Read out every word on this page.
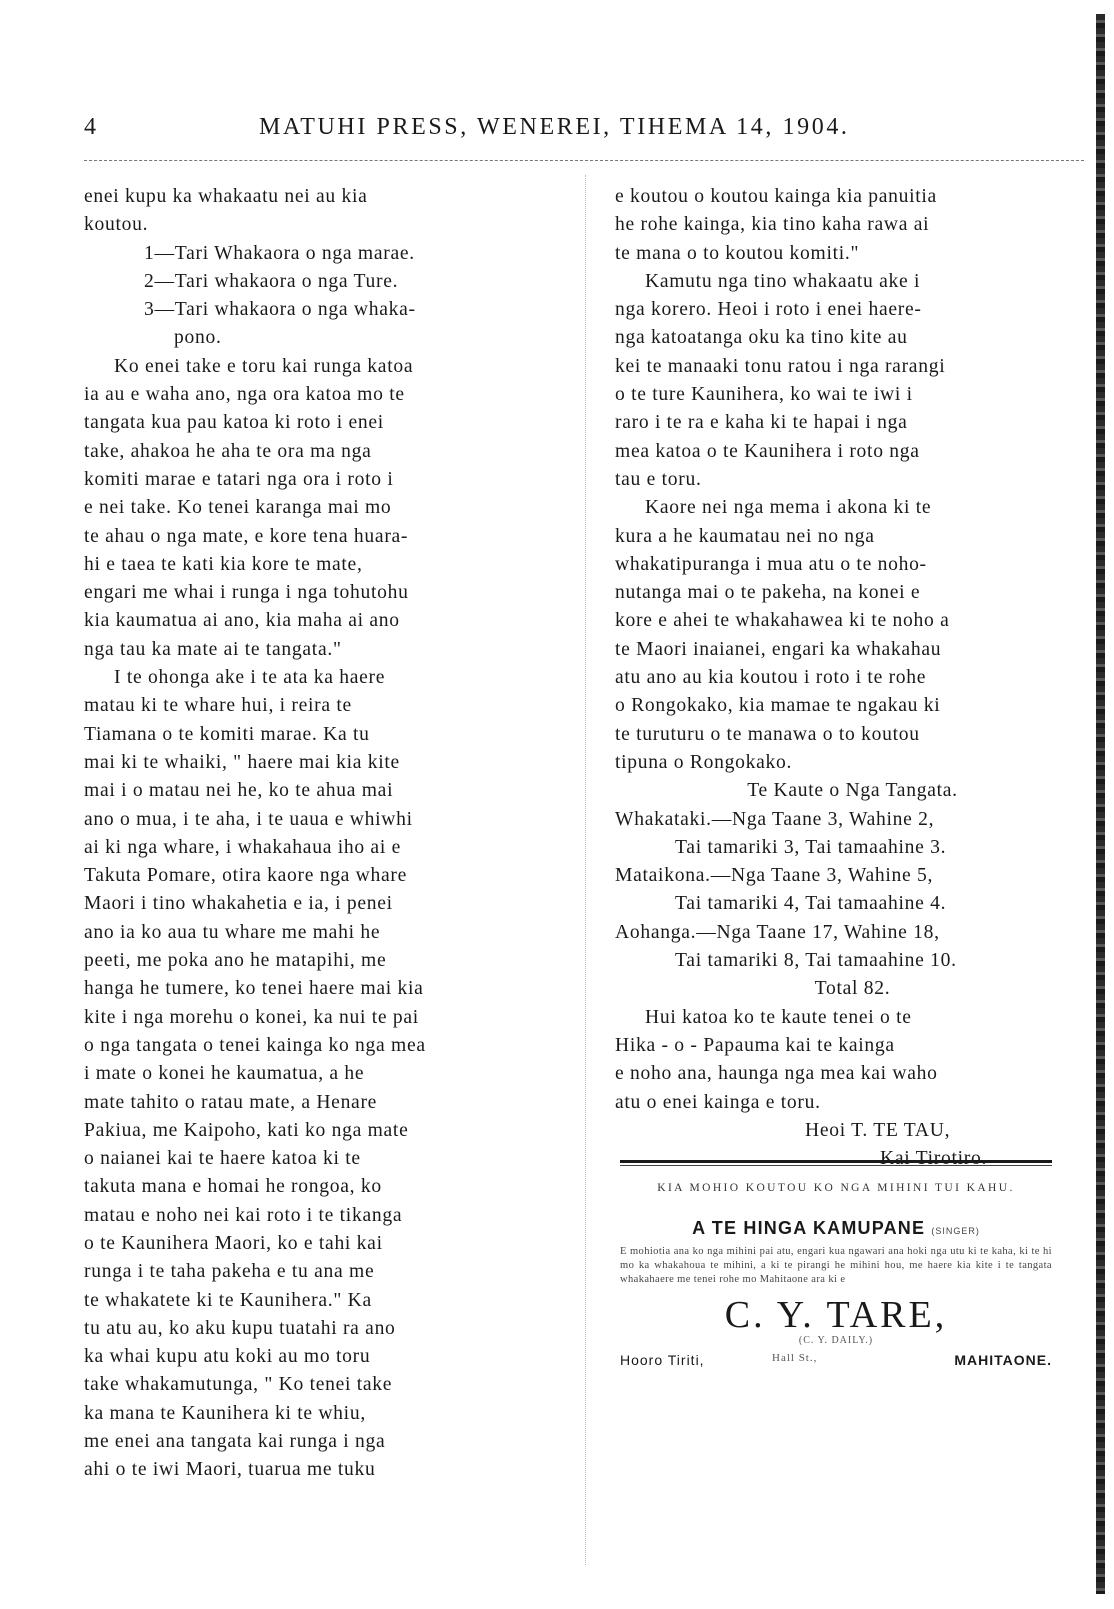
4	MATUHI PRESS, WENEREI, TIHEMA 14, 1904.

enei kupu ka whakaatu nei au kia

koutou.

1—Tari Whakaora o nga marae.

2—Tari whakaora o nga Ture.

3—Tari whakaora o nga whaka-

pono.

Ko enei take e toru kai runga katoa

ia au e waha ano, nga ora katoa mo te

tangata kua pau katoa ki roto i enei

take, ahakoa he aha te ora ma nga

komiti marae e tatari nga ora i roto i

e nei take. Ko tenei karanga mai mo

te ahau o nga mate, e kore tena huara-

hi e taea te kati kia kore te mate,

engari me whai i runga i nga tohutohu

kia kaumatua ai ano, kia maha ai ano

nga tau ka mate ai te tangata."

I te ohonga ake i te ata ka haere

matau ki te whare hui, i reira te

Tiamana o te komiti marae. Ka tu

mai ki te whaiki, " haere mai kia kite

mai i o matau nei he, ko te ahua mai

ano o mua, i te aha, i te uaua e whiwhi

ai ki nga whare, i whakahaua iho ai e

Takuta Pomare, otira kaore nga whare

Maori i tino whakahetia e ia, i penei

ano ia ko aua tu whare me mahi he

peeti, me poka ano he matapihi, me

hanga he tumere, ko tenei haere mai kia

kite i nga morehu o konei, ka nui te pai

o nga tangata o tenei kainga ko nga mea

i mate o konei he kaumatua, a he

mate tahito o ratau mate, a Henare

Pakiua, me Kaipoho, kati ko nga mate

o naianei kai te haere katoa ki te

takuta mana e homai he rongoa, ko

matau e noho nei kai roto i te tikanga

o te Kaunihera Maori, ko e tahi kai

runga i te taha pakeha e tu ana me

te whakatete ki te Kaunihera." Ka

tu atu au, ko aku kupu tuatahi ra ano

ka whai kupu atu koki au mo toru

take whakamutunga, " Ko tenei take

ka mana te Kaunihera ki te whiu,

me enei ana tangata kai runga i nga

ahi o te iwi Maori, tuarua me tuku

e koutou o koutou kainga kia panuitia

he rohe kainga, kia tino kaha rawa ai

te mana o to koutou komiti."

Kamutu nga tino whakaatu ake i

nga korero. Heoi i roto i enei haere-

nga katoatanga oku ka tino kite au

kei te manaaki tonu ratou i nga rarangi

o te ture Kaunihera, ko wai te iwi i

raro i te ra e kaha ki te hapai i nga

mea katoa o te Kaunihera i roto nga

tau e toru.

Kaore nei nga mema i akona ki te

kura a he kaumatau nei no nga

whakatipuranga i mua atu o te noho-

nutanga mai o te pakeha, na konei e

kore e ahei te whakahawea ki te noho a

te Maori inaianei, engari ka whakahau

atu ano au kia koutou i roto i te rohe

o Rongokako, kia mamae te ngakau ki

te turuturu o te manawa o to koutou

tipuna o Rongokako.

Te Kaute o Nga Tangata.

Whakataki.—Nga Taane 3, Wahine 2,

Tai tamariki 3, Tai tamaahine 3.

Mataikona.—Nga Taane 3, Wahine 5,

Tai tamariki 4, Tai tamaahine 4.

Aohanga.—Nga Taane 17, Wahine 18,

Tai tamariki 8, Tai tamaahine 10.

Total 82.

Hui katoa ko te kaute tenei o te

Hika - o - Papauma kai te kainga

e noho ana, haunga nga mea kai waho

atu o enei kainga e toru.

Heoi T. TE TAU,

Kai Tirotiro.

KIA MOHIO KOUTOU KO NGA MIHINI TUI KAHU.
A TE HINGA KAMUPANE (SINGER)
E mohiotia ana ko nga mihini pai atu, engari kua ngawari ana hoki nga utu ki te kaha, ki te hi mo ka whakahoua te mihini, a ki te pirangi he mihini hou, me haere kia kite i te tangata whakahaere me tenei rohe mo Mahitaone ara ki e
C. Y. TARE,
(C. Y. DAILY.)
Hooro Tiriti,	Hall St.,	MAHITAONE.
